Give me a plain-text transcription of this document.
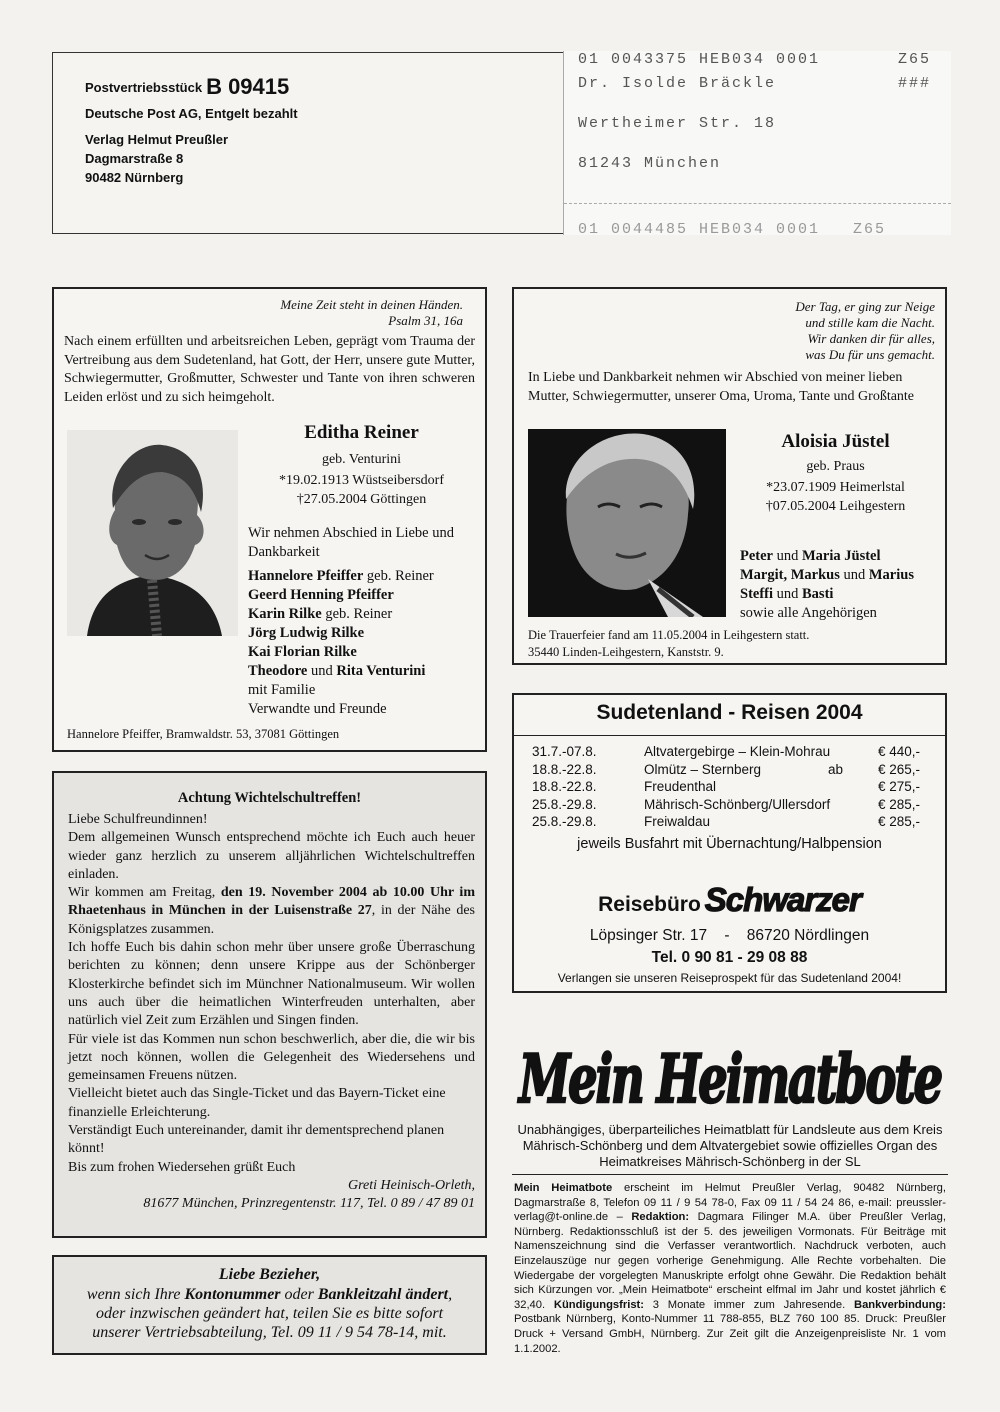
Postvertriebsstück B 09415
Deutsche Post AG, Entgelt bezahlt
Verlag Helmut Preußler
Dagmarstraße 8
90482 Nürnberg
01 0043375 HEB034 0001	Z65
Dr. Isolde Bräckle	###
Wertheimer Str. 18
81243 München
01 0044485 HEB034 0001   Z65
Meine Zeit steht in deinen Händen.
Psalm 31, 16a
Nach einem erfüllten und arbeitsreichen Leben, geprägt vom Trauma der Vertreibung aus dem Sudetenland, hat Gott, der Herr, unsere gute Mutter, Schwiegermutter, Großmutter, Schwester und Tante von ihren schweren Leiden erlöst und zu sich heimgeholt.
Editha Reiner
geb. Venturini
*19.02.1913 Wüstseibersdorf
†27.05.2004 Göttingen
Wir nehmen Abschied in Liebe und Dankbarkeit
Hannelore Pfeiffer geb. Reiner
Geerd Henning Pfeiffer
Karin Rilke geb. Reiner
Jörg Ludwig Rilke
Kai Florian Rilke
Theodore und Rita Venturini
mit Familie
Verwandte und Freunde
Hannelore Pfeiffer, Bramwaldstr. 53, 37081 Göttingen
Der Tag, er ging zur Neige
und stille kam die Nacht.
Wir danken dir für alles,
was Du für uns gemacht.
In Liebe und Dankbarkeit nehmen wir Abschied von meiner lieben Mutter, Schwiegermutter, unserer Oma, Uroma, Tante und Großtante
Aloisia Jüstel
geb. Praus
*23.07.1909 Heimerlstal
†07.05.2004 Leihgestern
Peter und Maria Jüstel
Margit, Markus und Marius
Steffi und Basti
sowie alle Angehörigen
Die Trauerfeier fand am 11.05.2004 in Leihgestern statt.
35440 Linden-Leihgestern, Kanststr. 9.
Sudetenland - Reisen 2004
31.7.-07.8.	Altvatergebirge – Klein-Mohrau	€ 440,-
18.8.-22.8.	Olmütz – Sternberg	ab	€ 265,-
18.8.-22.8.	Freudenthal	€ 275,-
25.8.-29.8.	Mährisch-Schönberg/Ullersdorf	€ 285,-
25.8.-29.8.	Freiwaldau	€ 285,-
jeweils Busfahrt mit Übernachtung/Halbpension
Reisebüro Schwarzer
Löpsinger Str. 17 - 86720 Nördlingen
Tel. 0 90 81 - 29 08 88
Verlangen sie unseren Reiseprospekt für das Sudetenland 2004!
Achtung Wichtelschultreffen!

Liebe Schulfreundinnen!

Dem allgemeinen Wunsch entsprechend möchte ich Euch auch heuer wieder ganz herzlich zu unserem alljährlichen Wichtelschultreffen einladen.

Wir kommen am Freitag, den 19. November 2004 ab 10.00 Uhr im Rhaetenhaus in München in der Luisenstraße 27, in der Nähe des Königsplatzes zusammen.

Ich hoffe Euch bis dahin schon mehr über unsere große Überraschung berichten zu können; denn unsere Krippe aus der Schönberger Klosterkirche befindet sich im Münchner Nationalmuseum. Wir wollen uns auch über die heimatlichen Winterfreuden unterhalten, aber natürlich viel Zeit zum Erzählen und Singen finden.

Für viele ist das Kommen nun schon beschwerlich, aber die, die wir bis jetzt noch können, wollen die Gelegenheit des Wiedersehens und gemeinsamen Freuens nützen.

Vielleicht bietet auch das Single-Ticket und das Bayern-Ticket eine finanzielle Erleichterung.

Verständigt Euch untereinander, damit ihr dementsprechend planen könnt!

Bis zum frohen Wiedersehen grüßt Euch

Greti Heinisch-Orleth,

81677 München, Prinzregentenstr. 117, Tel. 0 89 / 47 89 01

Liebe Bezieher,
wenn sich Ihre Kontonummer oder Bankleitzahl ändert,
oder inzwischen geändert hat, teilen Sie es bitte sofort
unserer Vertriebsabteilung, Tel. 09 11 / 9 54 78-14, mit.
Mein Heimatbote
Unabhängiges, überparteiliches Heimatblatt für Landsleute aus dem Kreis Mährisch-Schönberg und dem Altvatergebiet sowie offizielles Organ des Heimatkreises Mährisch-Schönberg in der SL
Mein Heimatbote erscheint im Helmut Preußler Verlag, 90482 Nürnberg, Dagmarstraße 8, Telefon 09 11 / 9 54 78-0, Fax 09 11 / 54 24 86, e-mail: preussler-verlag@t-online.de – Redaktion: Dagmara Filinger M.A. über Preußler Verlag, Nürnberg. Redaktionsschluß ist der 5. des jeweiligen Vormonats. Für Beiträge mit Namenszeichnung sind die Verfasser verantwortlich. Nachdruck verboten, auch Einzelauszüge nur gegen vorherige Genehmigung. Alle Rechte vorbehalten. Die Wiedergabe der vorgelegten Manuskripte erfolgt ohne Gewähr. Die Redaktion behält sich Kürzungen vor. „Mein Heimatbote“ erscheint elfmal im Jahr und kostet jährlich € 32,40. Kündigungsfrist: 3 Monate immer zum Jahresende. Bankverbindung: Postbank Nürnberg, Konto-Nummer 11 788-855, BLZ 760 100 85. Druck: Preußler Druck + Versand GmbH, Nürnberg. Zur Zeit gilt die Anzeigenpreisliste Nr. 1 vom 1.1.2002.
